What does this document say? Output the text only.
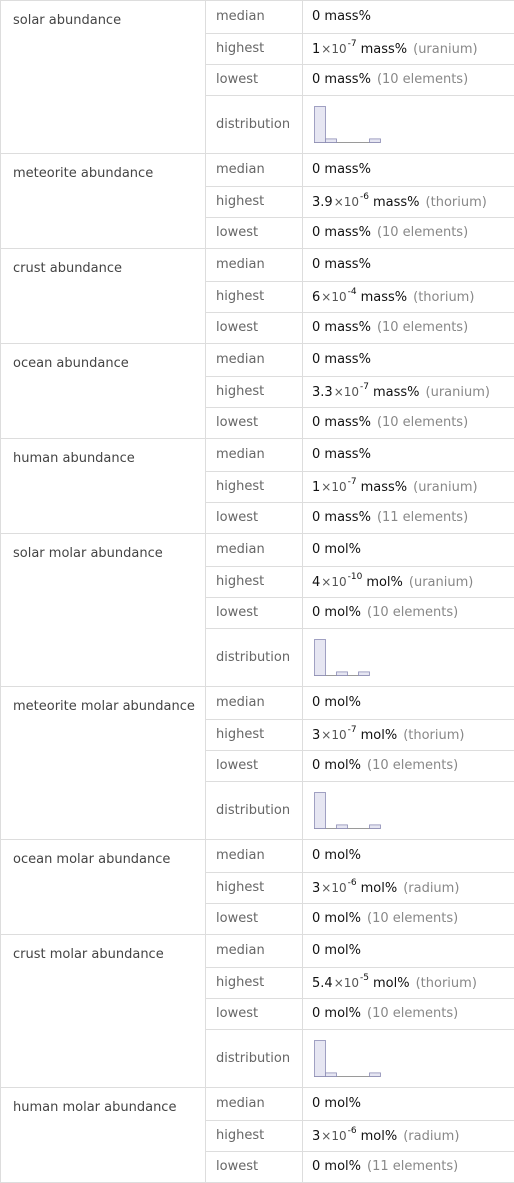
solar abundance	median	0 mass%
	highest	$1\times 10^{-7}$ mass% (uranium)
	lowest	0 mass% (10 elements)
	distribution	

meteorite abundance	median	0 mass%
	highest	$3.9\times 10^{-6}$ mass% (thorium)
	lowest	0 mass% (10 elements)
crust abundance	median	0 mass%
	highest	$6\times 10^{-4}$ mass% (thorium)
	lowest	0 mass% (10 elements)
ocean abundance	median	0 mass%
	highest	$3.3\times 10^{-7}$ mass% (uranium)
	lowest	0 mass% (10 elements)
human abundance	median	0 mass%
	highest	$1\times 10^{-7}$ mass% (uranium)
	lowest	0 mass% (11 elements)
solar molar abundance	median	0 mol%
	highest	$4\times 10^{-10}$ mol% (uranium)
	lowest	0 mol% (10 elements)
	distribution	

meteorite molar abundance	median	0 mol%
	highest	$3\times 10^{-7}$ mol% (thorium)
	lowest	0 mol% (10 elements)
	distribution	

ocean molar abundance	median	0 mol%
	highest	$3\times 10^{-6}$ mol% (radium)
	lowest	0 mol% (10 elements)
crust molar abundance	median	0 mol%
	highest	$5.4\times 10^{-5}$ mol% (thorium)
	lowest	0 mol% (10 elements)
	distribution	

human molar abundance	median	0 mol%
	highest	$3\times 10^{-6}$ mol% (radium)
	lowest	0 mol% (11 elements)
